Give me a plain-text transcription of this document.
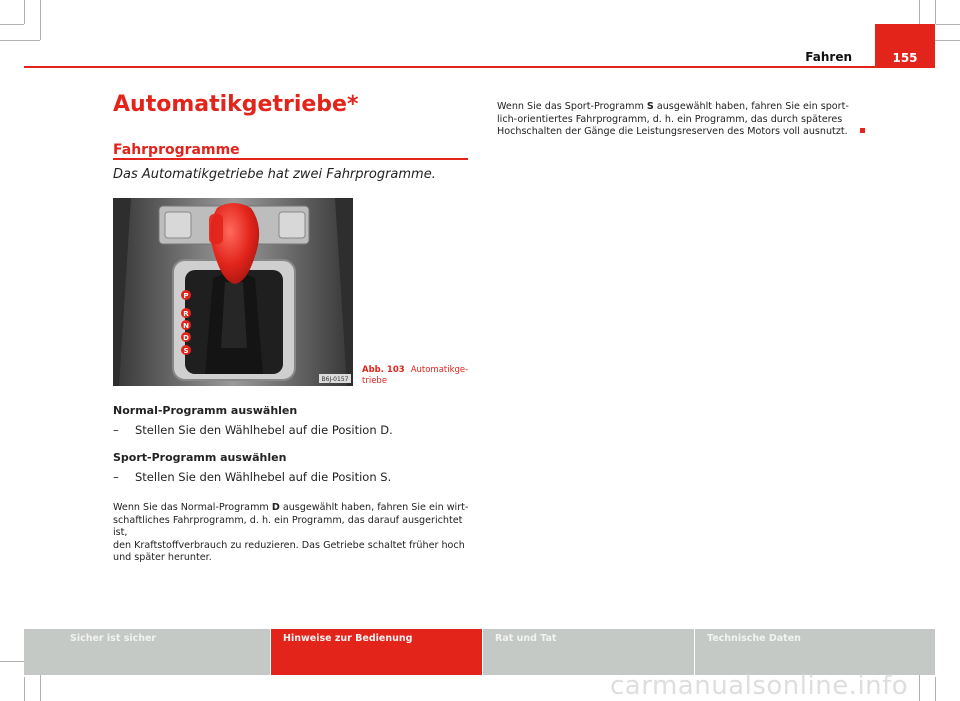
Fahren	155
Automatikgetriebe*
Fahrprogramme
Das Automatikgetriebe hat zwei Fahrprogramme.
P
R
N
D
S
B6J-0157
Abb. 103 Automatikge-
triebe
Normal-Programm auswählen
– Stellen Sie den Wählhebel auf die Position D.
Sport-Programm auswählen
– Stellen Sie den Wählhebel auf die Position S.

Wenn Sie das Normal-Programm D ausgewählt haben, fahren Sie ein wirt-

schaftliches Fahrprogramm, d. h. ein Programm, das darauf ausgerichtet ist,

den Kraftstoffverbrauch zu reduzieren. Das Getriebe schaltet früher hoch

und später herunter.

Wenn Sie das Sport-Programm S ausgewählt haben, fahren Sie ein sport-

lich-orientiertes Fahrprogramm, d. h. ein Programm, das durch späteres

Hochschalten der Gänge die Leistungsreserven des Motors voll ausnutzt.

Sicher ist sicher	Hinweise zur Bedienung	Rat und Tat	Technische Daten
carmanualsonline.info
